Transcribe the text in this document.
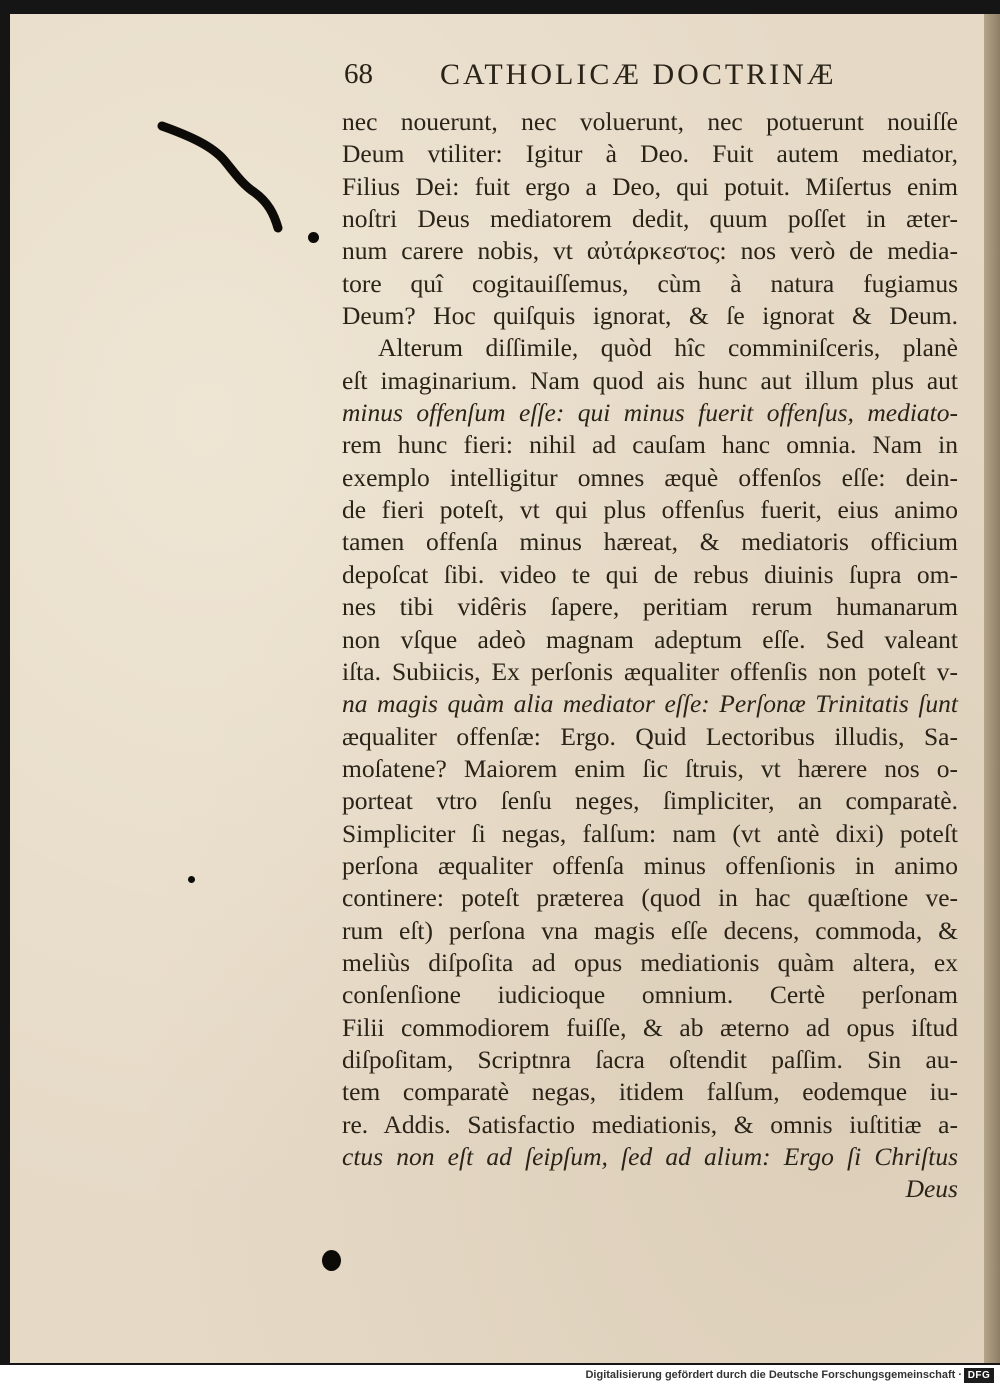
68 CATHOLICÆ DOCTRINÆ
nec nouerunt, nec voluerunt, nec potuerunt nouiſſe
Deum vtiliter: Igitur à Deo. Fuit autem mediator,
Filius Dei: fuit ergo a Deo, qui potuit. Miſertus enim
noſtri Deus mediatorem dedit, quum poſſet in æter-
num carere nobis, vt αὐτάρκεστος: nos verò de media-
tore quî cogitauiſſemus, cùm à natura fugiamus
Deum? Hoc quiſquis ignorat, & ſe ignorat & Deum.
Alterum diſſimile, quòd hîc comminiſceris, planè
eſt imaginarium. Nam quod ais hunc aut illum plus aut
minus offenſum eſſe: qui minus fuerit offenſus, mediato-
rem hunc fieri: nihil ad cauſam hanc omnia. Nam in
exemplo intelligitur omnes æquè offenſos eſſe: dein-
de fieri poteſt, vt qui plus offenſus fuerit, eius animo
tamen offenſa minus hæreat, & mediatoris officium
depoſcat ſibi. video te qui de rebus diuinis ſupra om-
nes tibi vidêris ſapere, peritiam rerum humanarum
non vſque adeò magnam adeptum eſſe. Sed valeant
iſta. Subiicis, Ex perſonis æqualiter offenſis non poteſt v-
na magis quàm alia mediator eſſe: Perſonæ Trinitatis ſunt
æqualiter offenſæ: Ergo. Quid Lectoribus illudis, Sa-
moſatene? Maiorem enim ſic ſtruis, vt hærere nos o-
porteat vtro ſenſu neges, ſimpliciter, an comparatè.
Simpliciter ſi negas, falſum: nam (vt antè dixi) poteſt
perſona æqualiter offenſa minus offenſionis in animo
continere: poteſt præterea (quod in hac quæſtione ve-
rum eſt) perſona vna magis eſſe decens, commoda, &
meliùs diſpoſita ad opus mediationis quàm altera, ex
conſenſione iudicioque omnium. Certè perſonam
Filii commodiorem fuiſſe, & ab æterno ad opus iſtud
diſpoſitam, Scriptnra ſacra oſtendit paſſim. Sin au-
tem comparatè negas, itidem falſum, eodemque iu-
re. Addis. Satisfactio mediationis, & omnis iuſtitiæ a-
ctus non eſt ad ſeipſum, ſed ad alium: Ergo ſi Chriſtus
Deus
Digitalisierung gefördert durch die Deutsche Forschungsgemeinschaft · DFG
